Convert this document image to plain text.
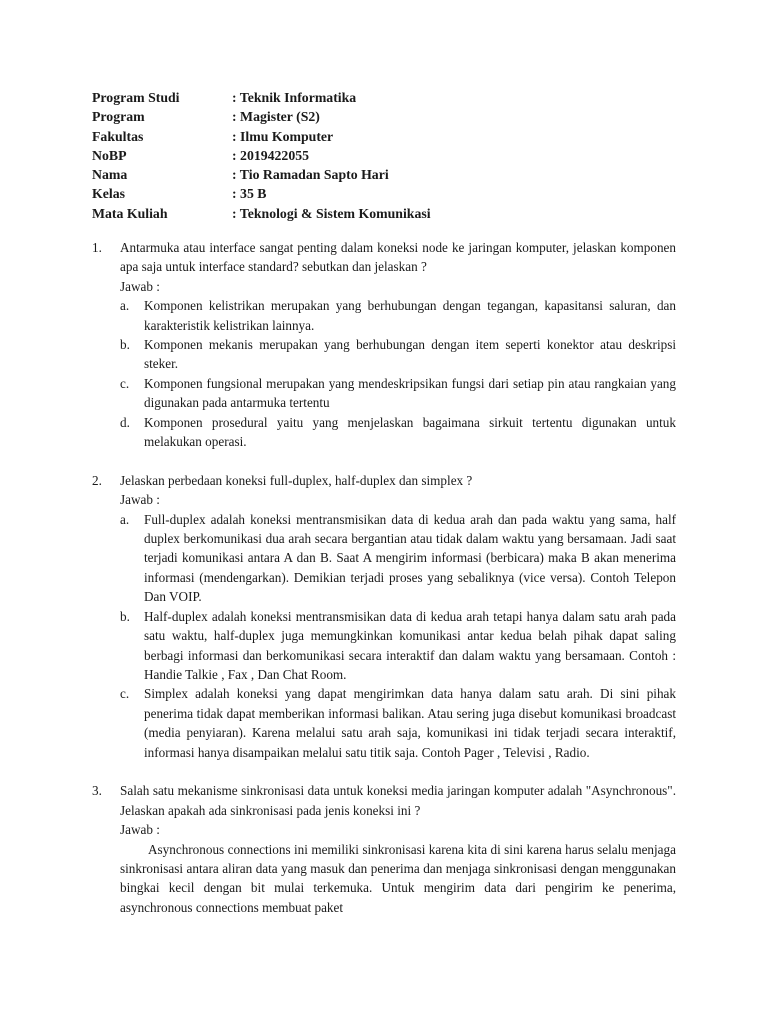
Program Studi	: Teknik Informatika
Program	: Magister (S2)
Fakultas	: Ilmu Komputer
NoBP	: 2019422055
Nama	: Tio Ramadan Sapto Hari
Kelas	: 35 B
Mata Kuliah	: Teknologi & Sistem Komunikasi
1. Antarmuka atau interface sangat penting dalam koneksi node ke jaringan komputer, jelaskan komponen apa saja untuk interface standard? sebutkan dan jelaskan ?
Jawab :
a. Komponen kelistrikan merupakan yang berhubungan dengan tegangan, kapasitansi saluran, dan karakteristik kelistrikan lainnya.
b. Komponen mekanis merupakan yang berhubungan dengan item seperti konektor atau deskripsi steker.
c. Komponen fungsional merupakan yang mendeskripsikan fungsi dari setiap pin atau rangkaian yang digunakan pada antarmuka tertentu
d. Komponen prosedural yaitu yang menjelaskan bagaimana sirkuit tertentu digunakan untuk melakukan operasi.
2. Jelaskan perbedaan koneksi full-duplex, half-duplex dan simplex ?
Jawab :
a. Full-duplex adalah koneksi mentransmisikan data di kedua arah dan pada waktu yang sama, half duplex berkomunikasi dua arah secara bergantian atau tidak dalam waktu yang bersamaan. Jadi saat terjadi komunikasi antara A dan B. Saat A mengirim informasi (berbicara) maka B akan menerima informasi (mendengarkan). Demikian terjadi proses yang sebaliknya (vice versa). Contoh Telepon Dan VOIP.
b. Half-duplex adalah koneksi mentransmisikan data di kedua arah tetapi hanya dalam satu arah pada satu waktu, half-duplex juga memungkinkan komunikasi antar kedua belah pihak dapat saling berbagi informasi dan berkomunikasi secara interaktif dan dalam waktu yang bersamaan. Contoh : Handie Talkie , Fax , Dan Chat Room.
c. Simplex adalah koneksi yang dapat mengirimkan data hanya dalam satu arah. Di sini pihak penerima tidak dapat memberikan informasi balikan. Atau sering juga disebut komunikasi broadcast (media penyiaran). Karena melalui satu arah saja, komunikasi ini tidak terjadi secara interaktif, informasi hanya disampaikan melalui satu titik saja. Contoh Pager , Televisi , Radio.
3. Salah satu mekanisme sinkronisasi data untuk koneksi media jaringan komputer adalah "Asynchronous". Jelaskan apakah ada sinkronisasi pada jenis koneksi ini ?
Jawab :
Asynchronous connections ini memiliki sinkronisasi karena kita di sini karena harus selalu menjaga sinkronisasi antara aliran data yang masuk dan penerima dan menjaga sinkronisasi dengan menggunakan bingkai kecil dengan bit mulai terkemuka. Untuk mengirim data dari pengirim ke penerima, asynchronous connections membuat paket
